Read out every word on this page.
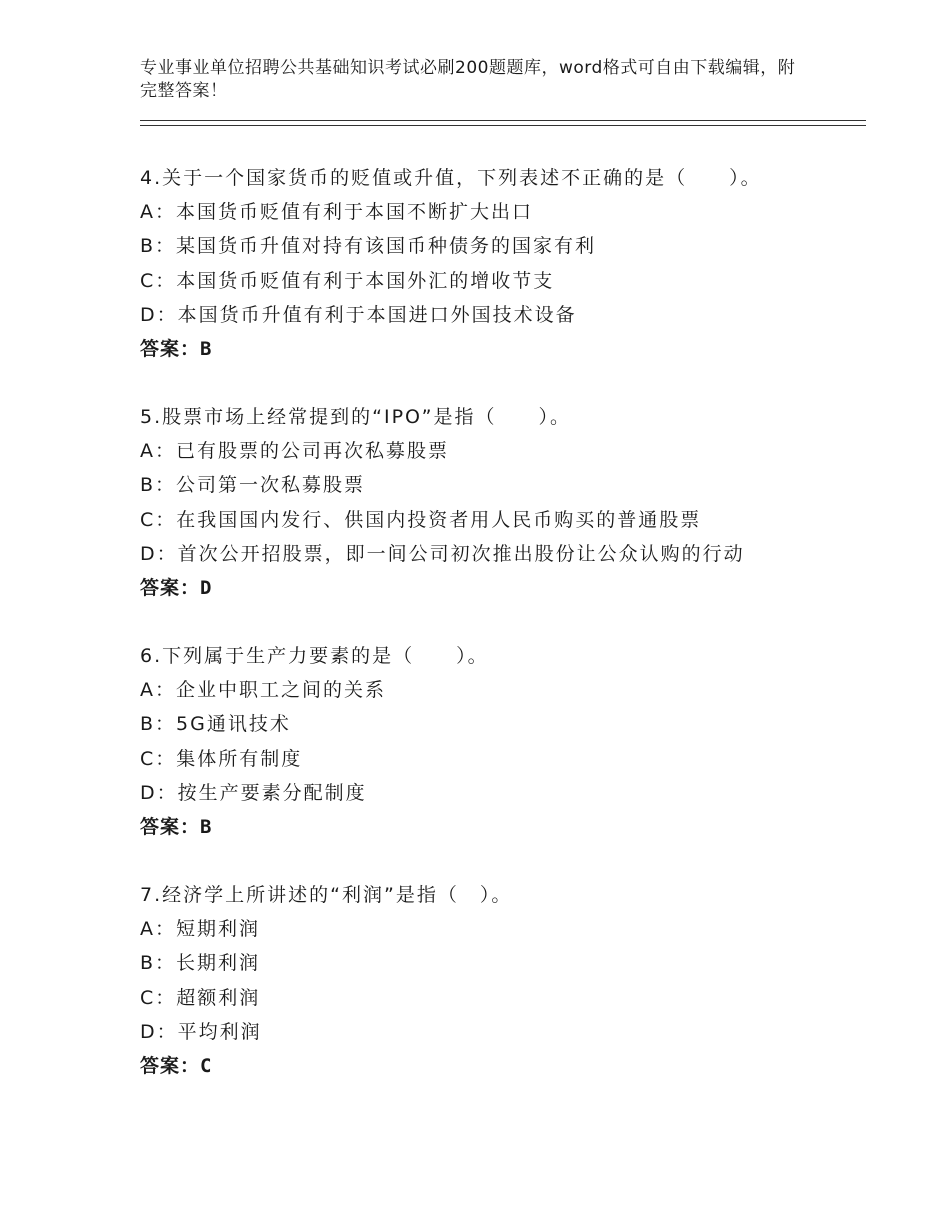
专业事业单位招聘公共基础知识考试必刷200题题库，word格式可自由下载编辑，附完整答案！
4.关于一个国家货币的贬值或升值，下列表述不正确的是（　　）。
A：本国货币贬值有利于本国不断扩大出口
B：某国货币升值对持有该国币种债务的国家有利
C：本国货币贬值有利于本国外汇的增收节支
D：本国货币升值有利于本国进口外国技术设备
答案：B
5.股票市场上经常提到的“IPO”是指（　　）。
A：已有股票的公司再次私募股票
B：公司第一次私募股票
C：在我国国内发行、供国内投资者用人民币购买的普通股票
D：首次公开招股票，即一间公司初次推出股份让公众认购的行动
答案：D
6.下列属于生产力要素的是（　　）。
A：企业中职工之间的关系
B：5G通讯技术
C：集体所有制度
D：按生产要素分配制度
答案：B
7.经济学上所讲述的“利润”是指（　）。
A：短期利润
B：长期利润
C：超额利润
D：平均利润
答案：C
